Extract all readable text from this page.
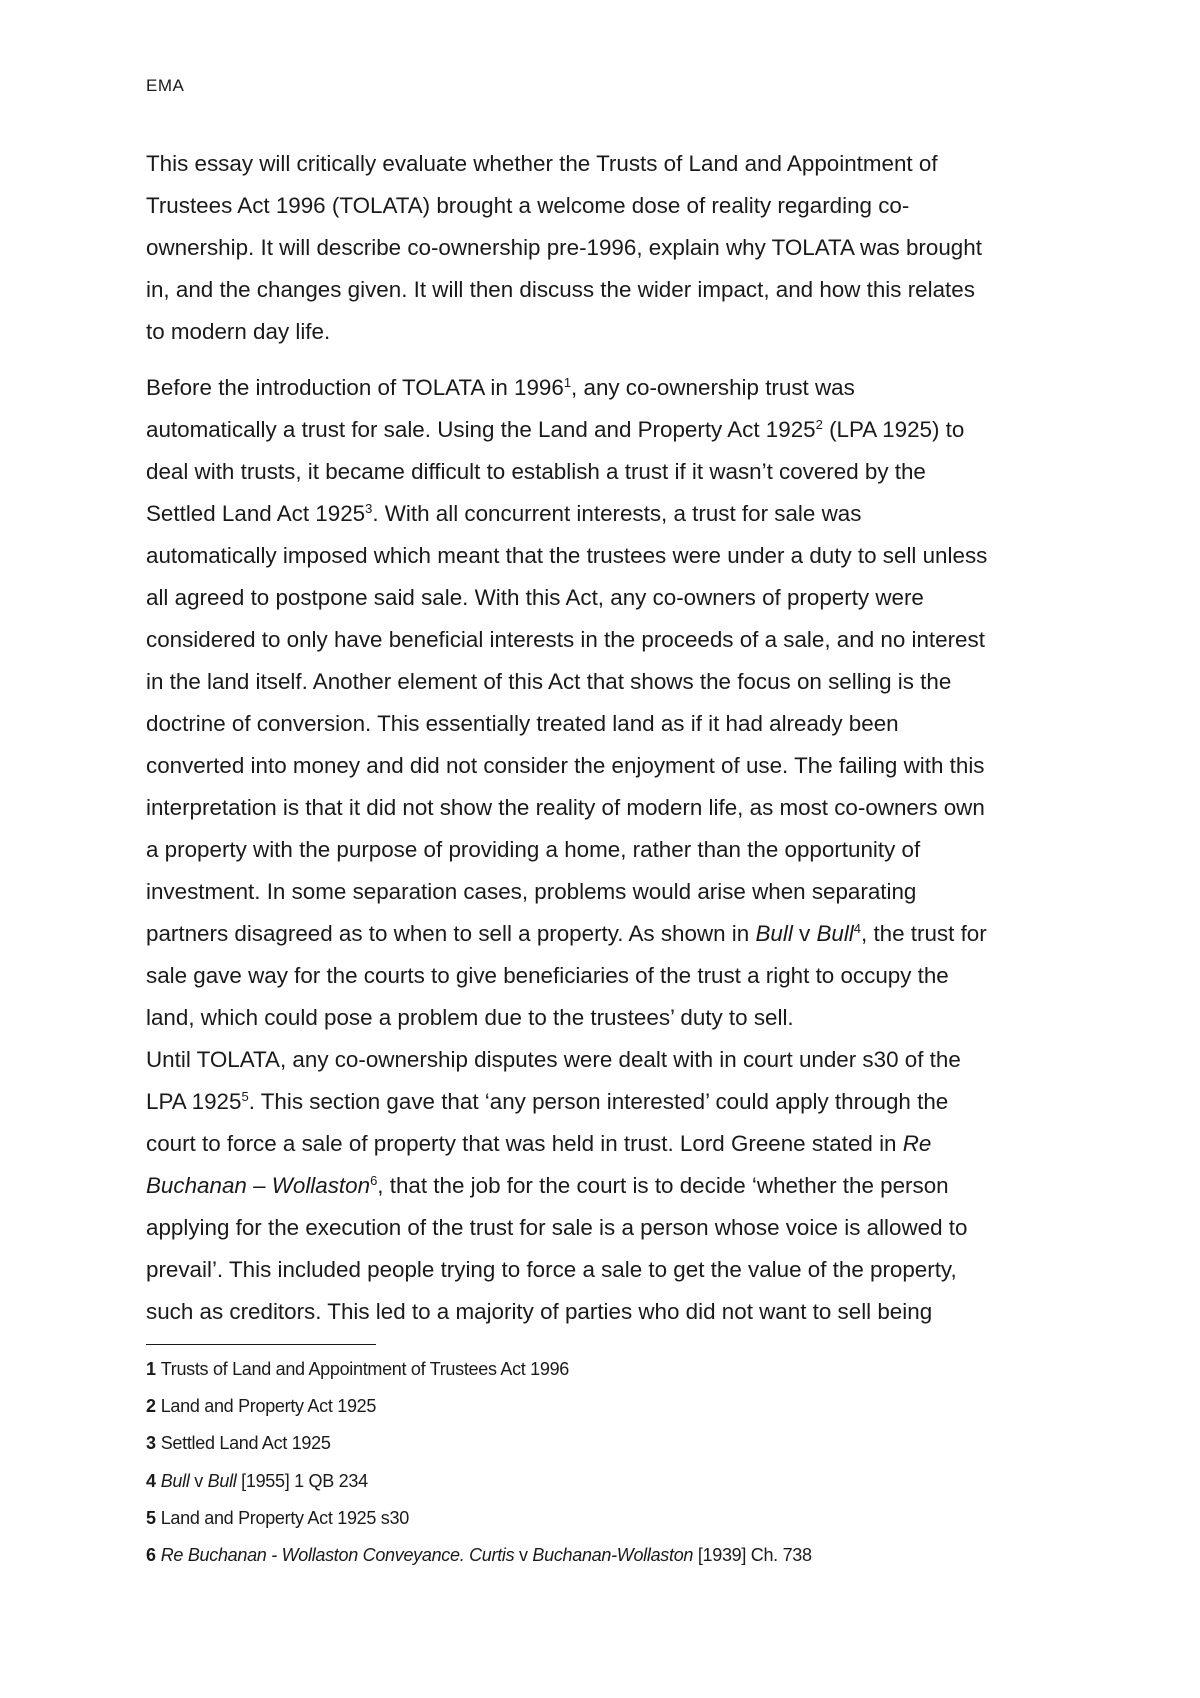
EMA
This essay will critically evaluate whether the Trusts of Land and Appointment of
Trustees Act 1996 (TOLATA) brought a welcome dose of reality regarding co-
ownership. It will describe co-ownership pre-1996, explain why TOLATA was brought
in, and the changes given. It will then discuss the wider impact, and how this relates
to modern day life.
Before the introduction of TOLATA in 1996$^1$, any co-ownership trust was
automatically a trust for sale. Using the Land and Property Act 1925$^2$ (LPA 1925) to
deal with trusts, it became difficult to establish a trust if it wasn’t covered by the
Settled Land Act 1925$^3$. With all concurrent interests, a trust for sale was
automatically imposed which meant that the trustees were under a duty to sell unless
all agreed to postpone said sale. With this Act, any co-owners of property were
considered to only have beneficial interests in the proceeds of a sale, and no interest
in the land itself. Another element of this Act that shows the focus on selling is the
doctrine of conversion. This essentially treated land as if it had already been
converted into money and did not consider the enjoyment of use. The failing with this
interpretation is that it did not show the reality of modern life, as most co-owners own
a property with the purpose of providing a home, rather than the opportunity of
investment. In some separation cases, problems would arise when separating
partners disagreed as to when to sell a property. As shown in Bull v Bull$^4$, the trust for
sale gave way for the courts to give beneficiaries of the trust a right to occupy the
land, which could pose a problem due to the trustees’ duty to sell.
Until TOLATA, any co-ownership disputes were dealt with in court under s30 of the
LPA 1925$^5$. This section gave that ‘any person interested’ could apply through the
court to force a sale of property that was held in trust. Lord Greene stated in Re
Buchanan – Wollaston$^6$, that the job for the court is to decide ‘whether the person
applying for the execution of the trust for sale is a person whose voice is allowed to
prevail’. This included people trying to force a sale to get the value of the property,
such as creditors. This led to a majority of parties who did not want to sell being
1 Trusts of Land and Appointment of Trustees Act 1996
2 Land and Property Act 1925
3 Settled Land Act 1925
4 Bull v Bull [1955] 1 QB 234
5 Land and Property Act 1925 s30
6 Re Buchanan - Wollaston Conveyance. Curtis v Buchanan-Wollaston [1939] Ch. 738
